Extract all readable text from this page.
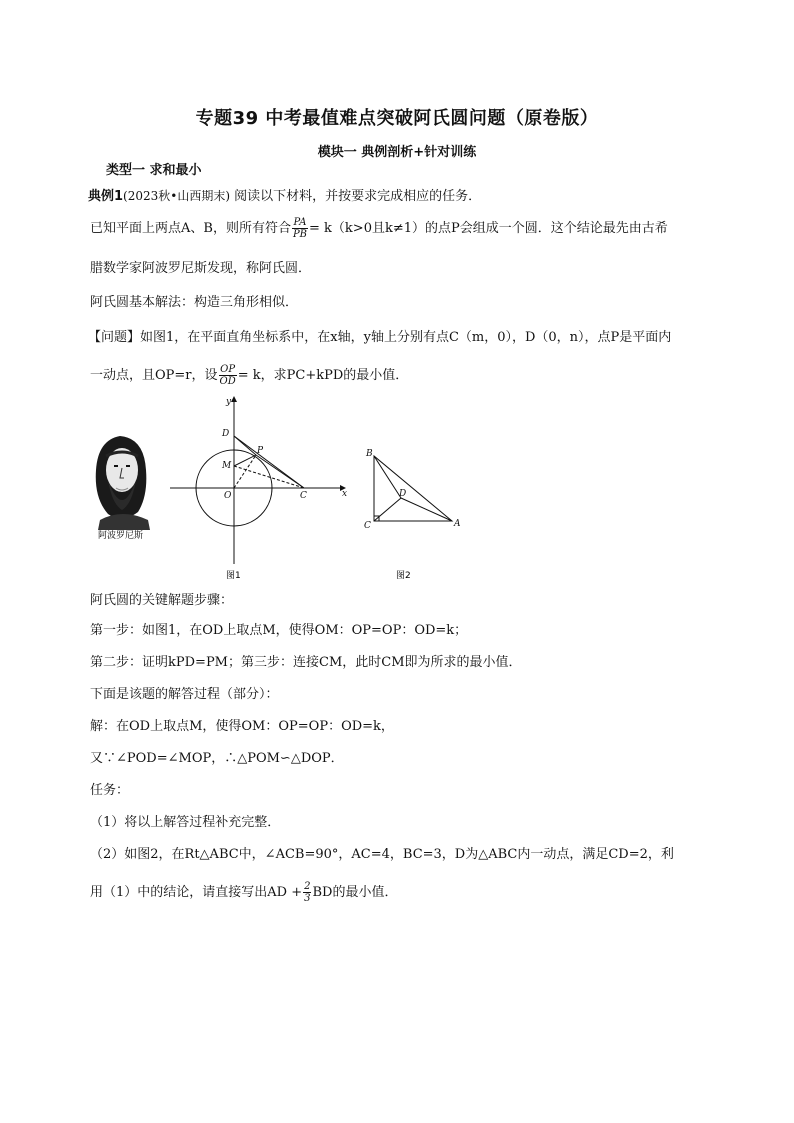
专题39 中考最值难点突破阿氏圆问题（原卷版）
模块一 典例剖析+针对训练
类型一 求和最小
典例1(2023秋•山西期末) 阅读以下材料，并按要求完成相应的任务．
已知平面上两点A、B，则所有符合 $\frac{PA}{PB} = k(k>0$且k≠1）的点P会组成一个圆．这个结论最先由古希
腊数学家阿波罗尼斯发现，称阿氏圆．
阿氏圆基本解法：构造三角形相似．
【问题】如图1，在平面直角坐标系中，在x轴，y轴上分别有点C（m，0），D（0，n），点P是平面内
一动点，且OP=r，设 $\frac{OP}{OD} = k$，求PC+kPD的最小值．
阿波罗尼斯
y
x
D
P
M
O	C
图1
B
D
C	A
图2
阿氏圆的关键解题步骤：
第一步：如图1，在OD上取点M，使得OM：OP=OP：OD=k；
第二步：证明kPD=PM；第三步：连接CM，此时CM即为所求的最小值．
下面是该题的解答过程（部分）：
解：在OD上取点M，使得OM：OP=OP：OD=k，
又∵∠POD=∠MOP，∴△POM∽△DOP．
任务：
（1）将以上解答过程补充完整．
（2）如图2，在Rt△ABC中，∠ACB=90°，AC=4，BC=3，D为△ABC内一动点，满足CD=2，利
用（1）中的结论，请直接写出AD + $\frac{2}{3}$ BD的最小值．
